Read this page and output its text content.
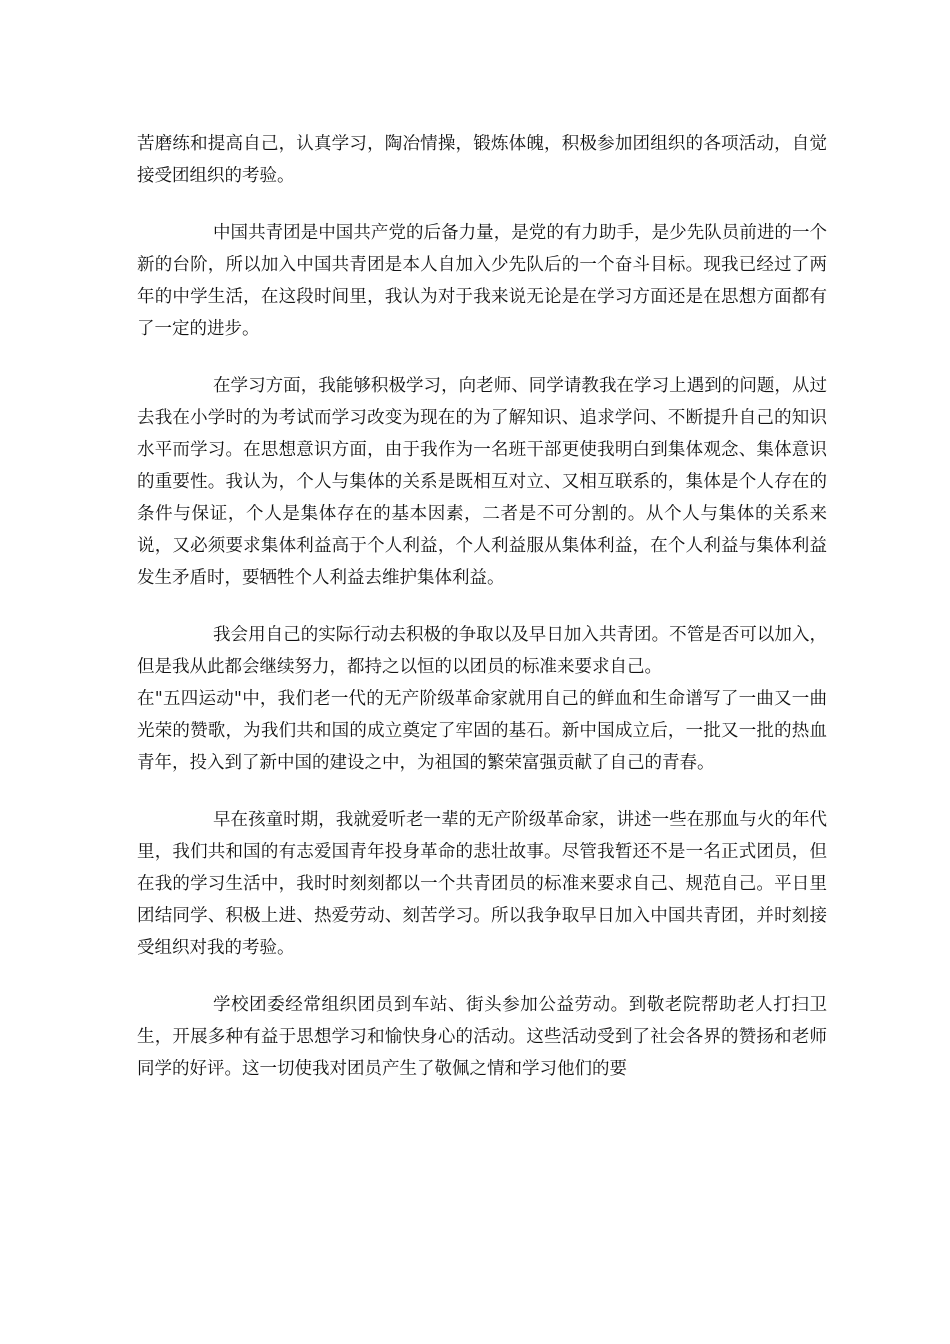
苦磨练和提高自己，认真学习，陶冶情操，锻炼体魄，积极参加团组织的各项活动，自觉接受团组织的考验。

中国共青团是中国共产党的后备力量，是党的有力助手，是少先队员前进的一个新的台阶，所以加入中国共青团是本人自加入少先队后的一个奋斗目标。现我已经过了两年的中学生活，在这段时间里，我认为对于我来说无论是在学习方面还是在思想方面都有了一定的进步。

在学习方面，我能够积极学习，向老师、同学请教我在学习上遇到的问题，从过去我在小学时的为考试而学习改变为现在的为了解知识、追求学问、不断提升自己的知识水平而学习。在思想意识方面，由于我作为一名班干部更使我明白到集体观念、集体意识的重要性。我认为，个人与集体的关系是既相互对立、又相互联系的，集体是个人存在的条件与保证，个人是集体存在的基本因素，二者是不可分割的。从个人与集体的关系来说，又必须要求集体利益高于个人利益，个人利益服从集体利益，在个人利益与集体利益发生矛盾时，要牺牲个人利益去维护集体利益。

我会用自己的实际行动去积极的争取以及早日加入共青团。不管是否可以加入，但是我从此都会继续努力，都持之以恒的以团员的标准来要求自己。

在"五四运动"中，我们老一代的无产阶级革命家就用自己的鲜血和生命谱写了一曲又一曲光荣的赞歌，为我们共和国的成立奠定了牢固的基石。新中国成立后，一批又一批的热血青年，投入到了新中国的建设之中，为祖国的繁荣富强贡献了自己的青春。

早在孩童时期，我就爱听老一辈的无产阶级革命家，讲述一些在那血与火的年代里，我们共和国的有志爱国青年投身革命的悲壮故事。尽管我暂还不是一名正式团员，但在我的学习生活中，我时时刻刻都以一个共青团员的标准来要求自己、规范自己。平日里团结同学、积极上进、热爱劳动、刻苦学习。所以我争取早日加入中国共青团，并时刻接受组织对我的考验。

学校团委经常组织团员到车站、街头参加公益劳动。到敬老院帮助老人打扫卫生，开展多种有益于思想学习和愉快身心的活动。这些活动受到了社会各界的赞扬和老师同学的好评。这一切使我对团员产生了敬佩之情和学习他们的要
